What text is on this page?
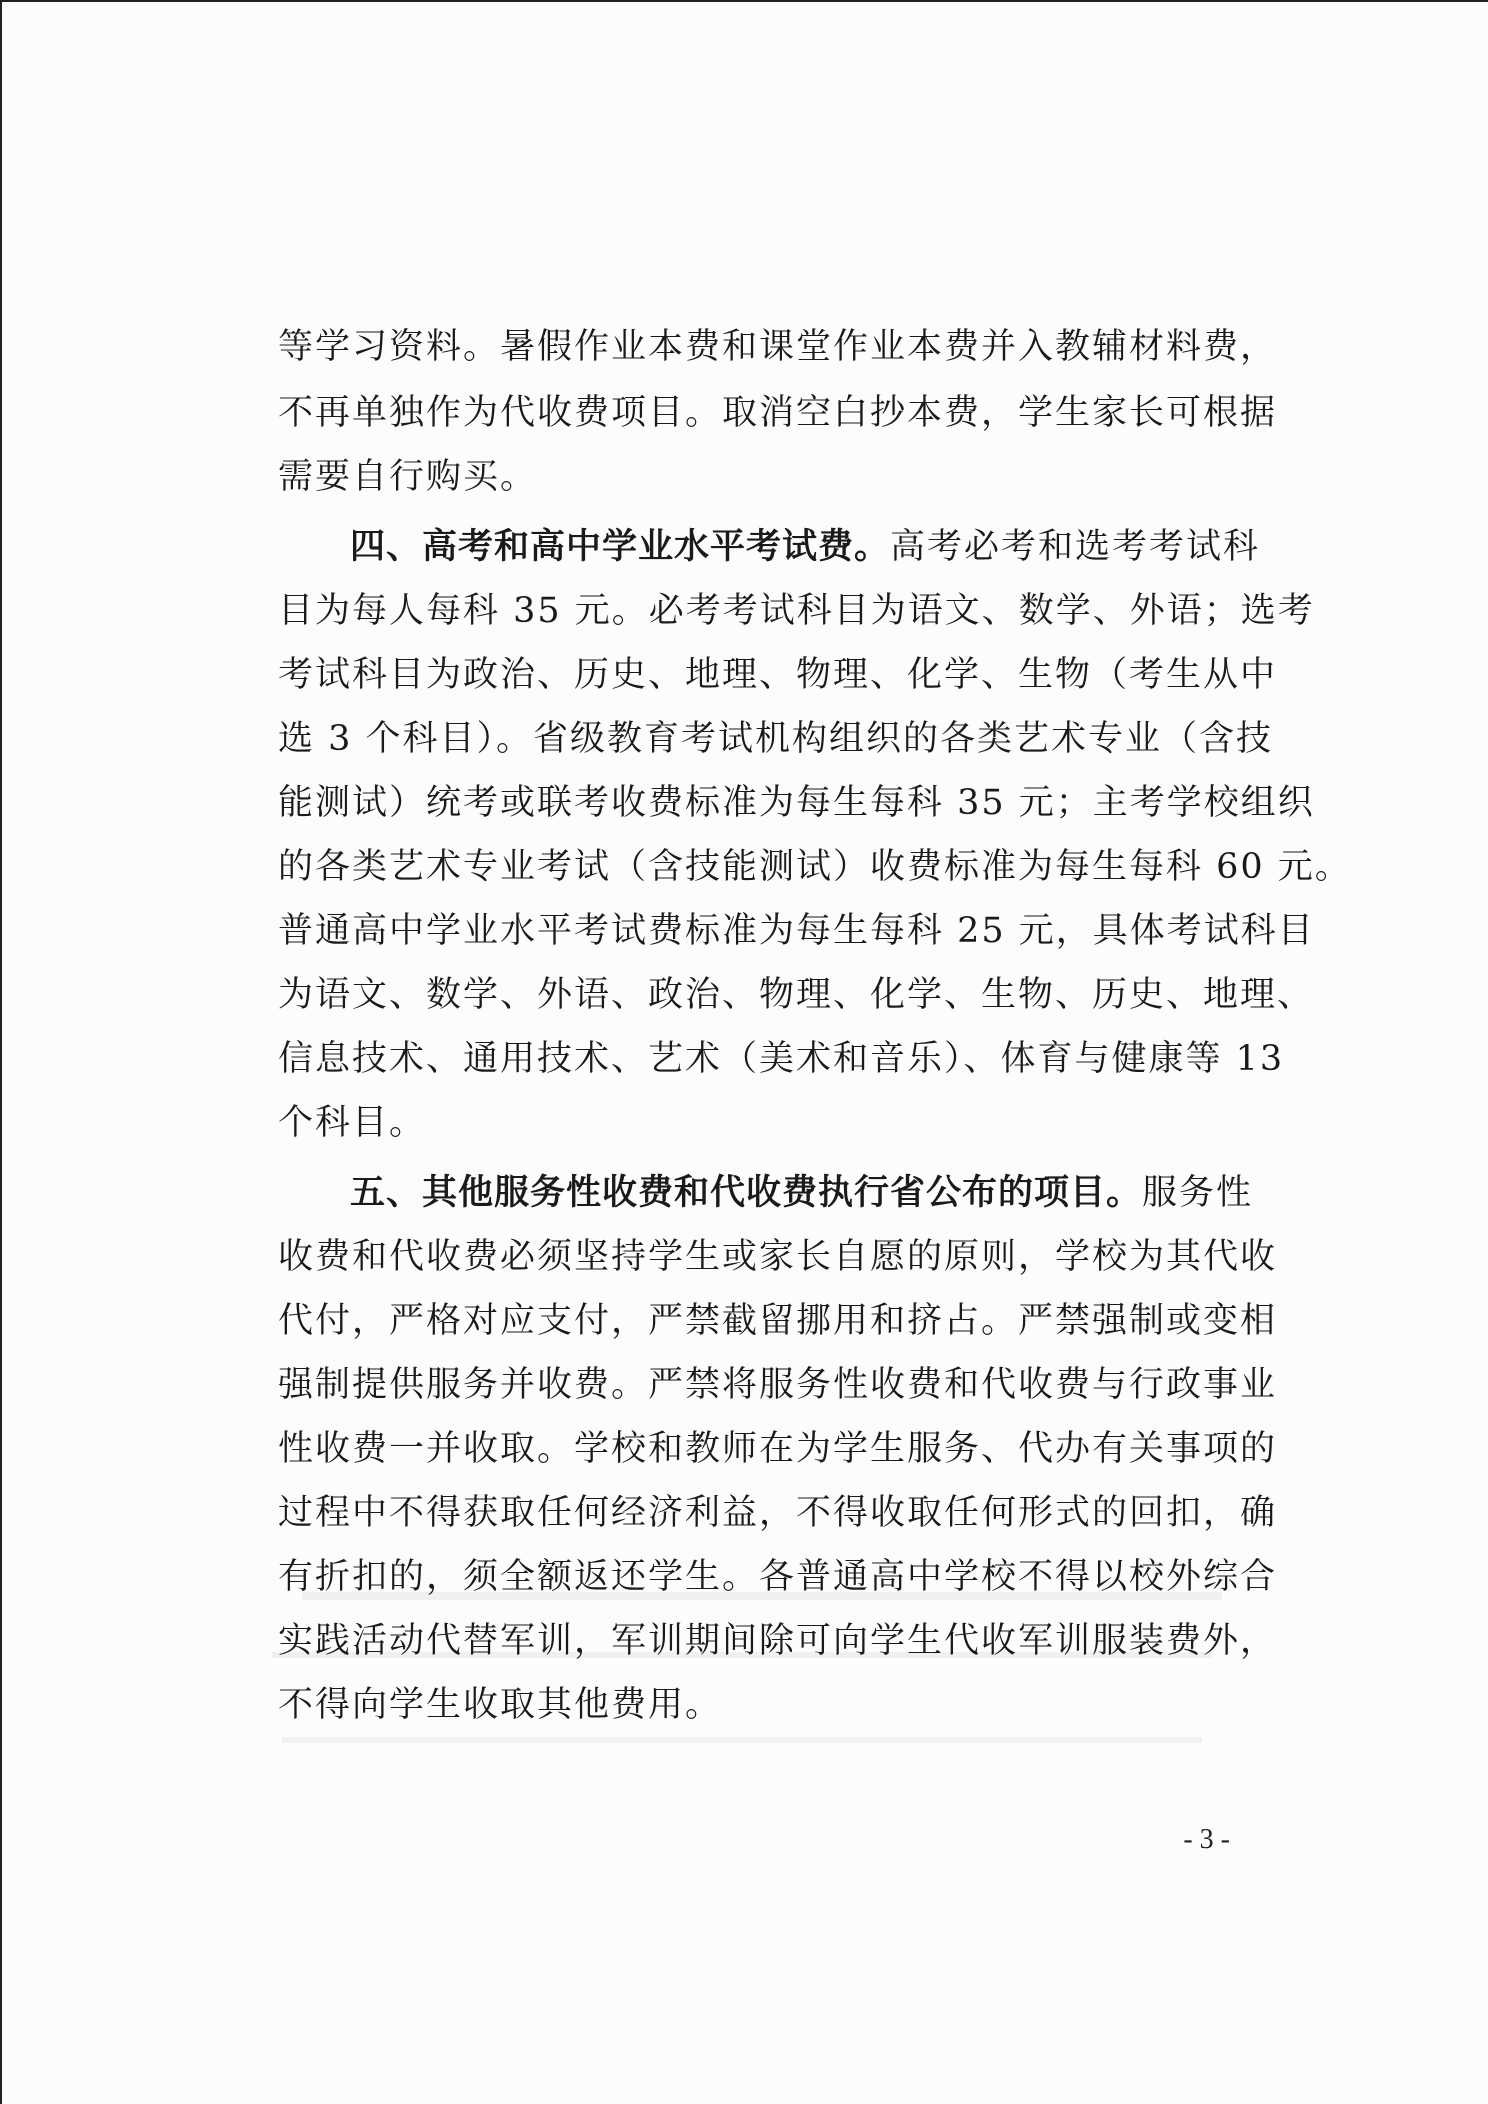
等学习资料。暑假作业本费和课堂作业本费并入教辅材料费，
不再单独作为代收费项目。取消空白抄本费，学生家长可根据
需要自行购买。
四、高考和高中学业水平考试费。高考必考和选考考试科
目为每人每科 35 元。必考考试科目为语文、数学、外语；选考
考试科目为政治、历史、地理、物理、化学、生物（考生从中
选 3 个科目）。省级教育考试机构组织的各类艺术专业（含技
能测试）统考或联考收费标准为每生每科 35 元；主考学校组织
的各类艺术专业考试（含技能测试）收费标准为每生每科 60 元。
普通高中学业水平考试费标准为每生每科 25 元，具体考试科目
为语文、数学、外语、政治、物理、化学、生物、历史、地理、
信息技术、通用技术、艺术（美术和音乐）、体育与健康等 13
个科目。
五、其他服务性收费和代收费执行省公布的项目。服务性
收费和代收费必须坚持学生或家长自愿的原则，学校为其代收
代付，严格对应支付，严禁截留挪用和挤占。严禁强制或变相
强制提供服务并收费。严禁将服务性收费和代收费与行政事业
性收费一并收取。学校和教师在为学生服务、代办有关事项的
过程中不得获取任何经济利益，不得收取任何形式的回扣，确
有折扣的，须全额返还学生。各普通高中学校不得以校外综合
实践活动代替军训，军训期间除可向学生代收军训服装费外，
不得向学生收取其他费用。
- 3 -
